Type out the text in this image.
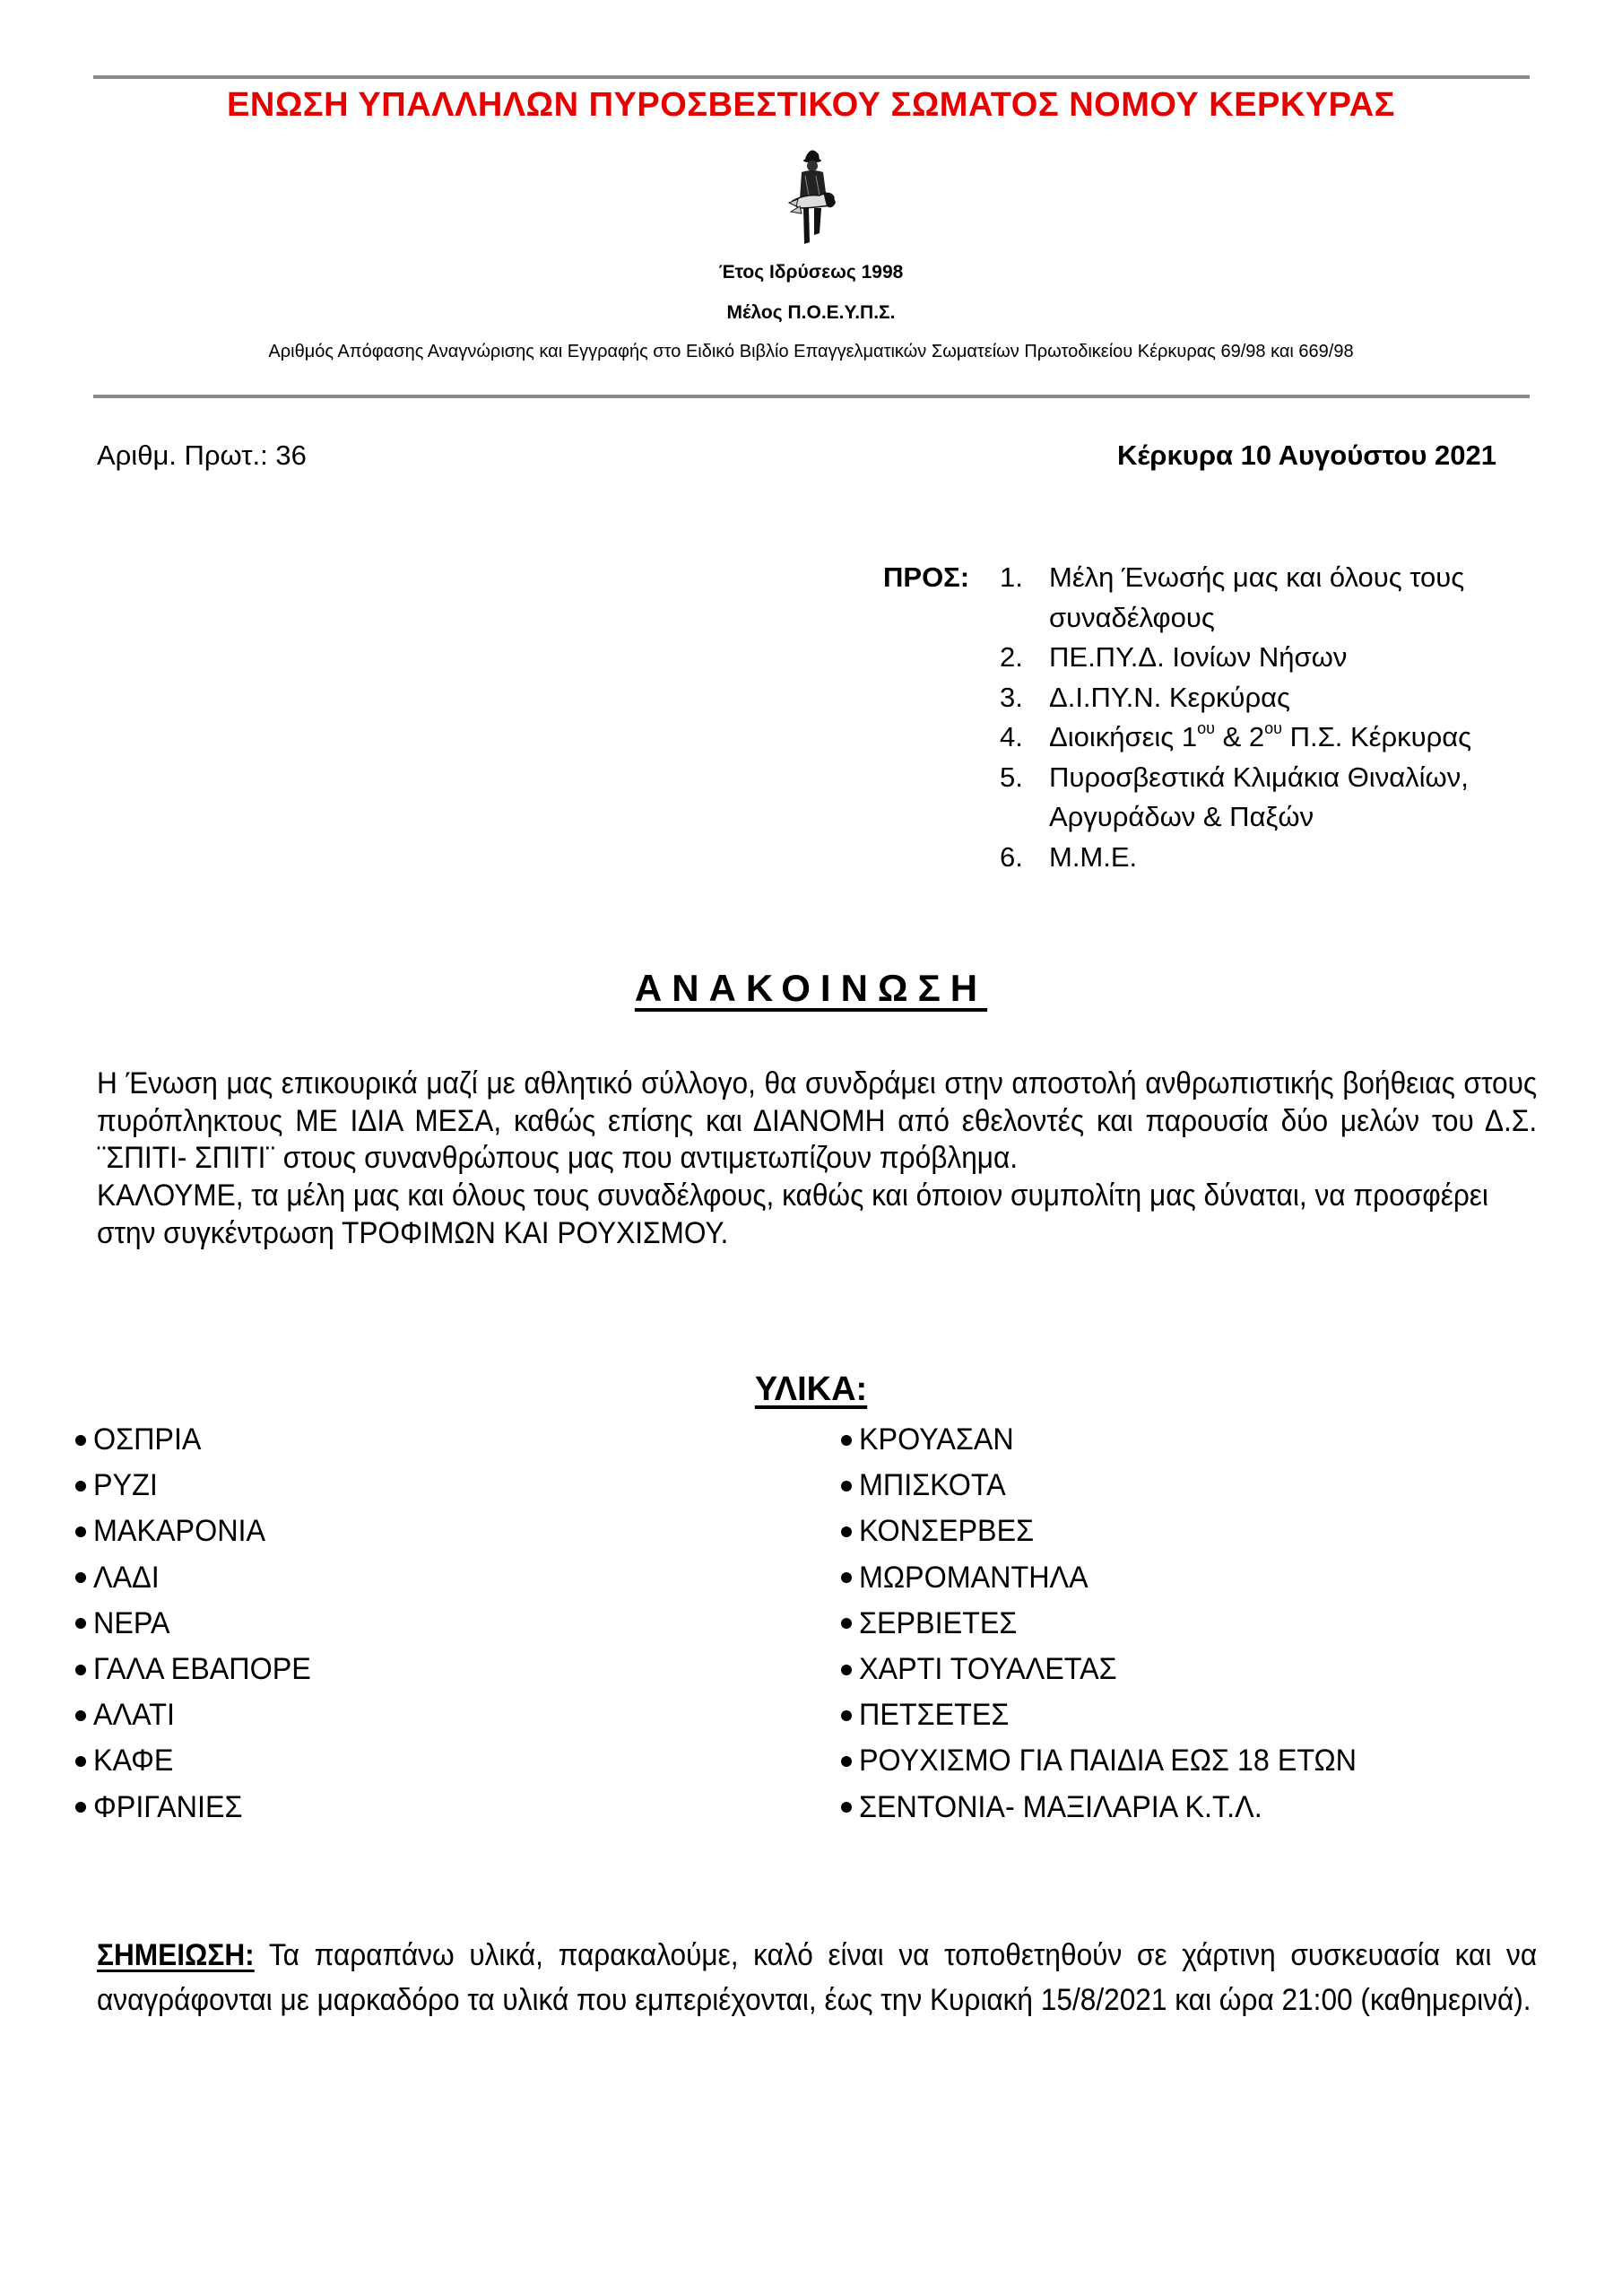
ΕΝΩΣΗ ΥΠΑΛΛΗΛΩΝ ΠΥΡΟΣΒΕΣΤΙΚΟΥ ΣΩΜΑΤΟΣ ΝΟΜΟΥ ΚΕΡΚΥΡΑΣ
Έτος Ιδρύσεως 1998
Μέλος Π.Ο.Ε.Υ.Π.Σ.
Αριθμός Απόφασης Αναγνώρισης και Εγγραφής στο Ειδικό Βιβλίο Επαγγελματικών Σωματείων Πρωτοδικείου Κέρκυρας 69/98 και 669/98
Αριθμ. Πρωτ.: 36	Κέρκυρα 10 Αυγούστου 2021
ΠΡΟΣ: 1. Μέλη Ένωσής μας και όλους τους συναδέλφους
2. ΠΕ.ΠΥ.Δ. Ιονίων Νήσων
3. Δ.Ι.ΠΥ.Ν. Κερκύρας
4. Διοικήσεις $1^{o\upsilon}$ & $2^{o\upsilon}$ Π.Σ. Κέρκυρας
5. Πυροσβεστικά Κλιμάκια Θιναλίων, Αργυράδων & Παξών
6. Μ.Μ.Ε.
ΑΝΑΚΟΙΝΩΣΗ

Η Ένωση μας επικουρικά μαζί με αθλητικό σύλλογο, θα συνδράμει στην αποστολή ανθρωπιστικής βοήθειας στους πυρόπληκτους ΜΕ ΙΔΙΑ ΜΕΣΑ, καθώς επίσης και ΔΙΑΝΟΜΗ από εθελοντές και παρουσία δύο μελών του Δ.Σ. ¨ΣΠΙΤΙ- ΣΠΙΤΙ¨ στους συνανθρώπους μας που αντιμετωπίζουν πρόβλημα.

ΚΑΛΟΥΜΕ, τα μέλη μας και όλους τους συναδέλφους, καθώς και όποιον συμπολίτη μας δύναται, να προσφέρει στην συγκέντρωση ΤΡΟΦΙΜΩΝ ΚΑΙ ΡΟΥΧΙΣΜΟΥ.

ΥΛΙΚΑ:
ΟΣΠΡΙΑ
ΡΥΖΙ
ΜΑΚΑΡΟΝΙΑ
ΛΑΔΙ
ΝΕΡΑ
ΓΑΛΑ ΕΒΑΠΟΡΕ
ΑΛΑΤΙ
ΚΑΦΕ
ΦΡΙΓΑΝΙΕΣ
ΚΡΟΥΑΣΑΝ
ΜΠΙΣΚΟΤΑ
ΚΟΝΣΕΡΒΕΣ
ΜΩΡΟΜΑΝΤΗΛΑ
ΣΕΡΒΙΕΤΕΣ
ΧΑΡΤΙ ΤΟΥΑΛΕΤΑΣ
ΠΕΤΣΕΤΕΣ
ΡΟΥΧΙΣΜΟ ΓΙΑ ΠΑΙΔΙΑ ΕΩΣ 18 ΕΤΩΝ
ΣΕΝΤΟΝΙΑ- ΜΑΞΙΛΑΡΙΑ Κ.Τ.Λ.
ΣΗΜΕΙΩΣΗ: Τα παραπάνω υλικά, παρακαλούμε, καλό είναι να τοποθετηθούν σε χάρτινη συσκευασία και να αναγράφονται με μαρκαδόρο τα υλικά που εμπεριέχονται, έως την Κυριακή 15/8/2021 και ώρα 21:00 (καθημερινά).
